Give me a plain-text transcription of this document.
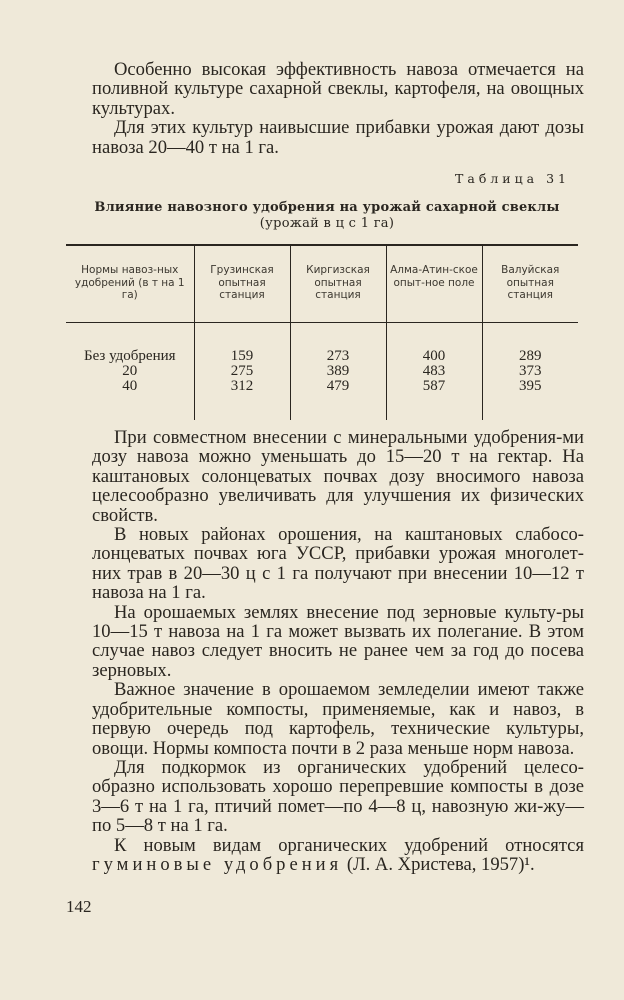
Особенно высокая эффективность навоза отмечается на поливной культуре сахарной свеклы, картофеля, на овощных культурах.

Для этих культур наивысшие прибавки урожая дают дозы навоза 20—40 т на 1 га.

Таблица 31
Влияние навозного удобрения на урожай сахарной свеклы
(урожай в ц с 1 га)
Нормы навоз-ных удобрений (в т на 1 га)	Грузинская опытная станция	Киргизская опытная станция	Алма-Атин-ское опыт-ное поле	Валуйская опытная станция
Без удобрения	159	273	400	289
20	275	389	483	373
40	312	479	587	395

При совместном внесении с минеральными удобрения-ми дозу навоза можно уменьшать до 15—20 т на гектар. На каштановых солонцеватых почвах дозу вносимого навоза целесообразно увеличивать для улучшения их физических свойств.

В новых районах орошения, на каштановых слабосо-лонцеватых почвах юга УССР, прибавки урожая многолет-них трав в 20—30 ц с 1 га получают при внесении 10—12 т навоза на 1 га.

На орошаемых землях внесение под зерновые культу-ры 10—15 т навоза на 1 га может вызвать их полегание. В этом случае навоз следует вносить не ранее чем за год до посева зерновых.

Важное значение в орошаемом земледелии имеют также удобрительные компосты, применяемые, как и навоз, в первую очередь под картофель, технические культуры, овощи. Нормы компоста почти в 2 раза меньше норм навоза.

Для подкормок из органических удобрений целесо-образно использовать хорошо перепревшие компосты в дозе 3—6 т на 1 га, птичий помет—по 4—8 ц, навозную жи-жу—по 5—8 т на 1 га.

К новым видам органических удобрений относятся гуминовые удобрения (Л. А. Христева, 1957)¹.

142
